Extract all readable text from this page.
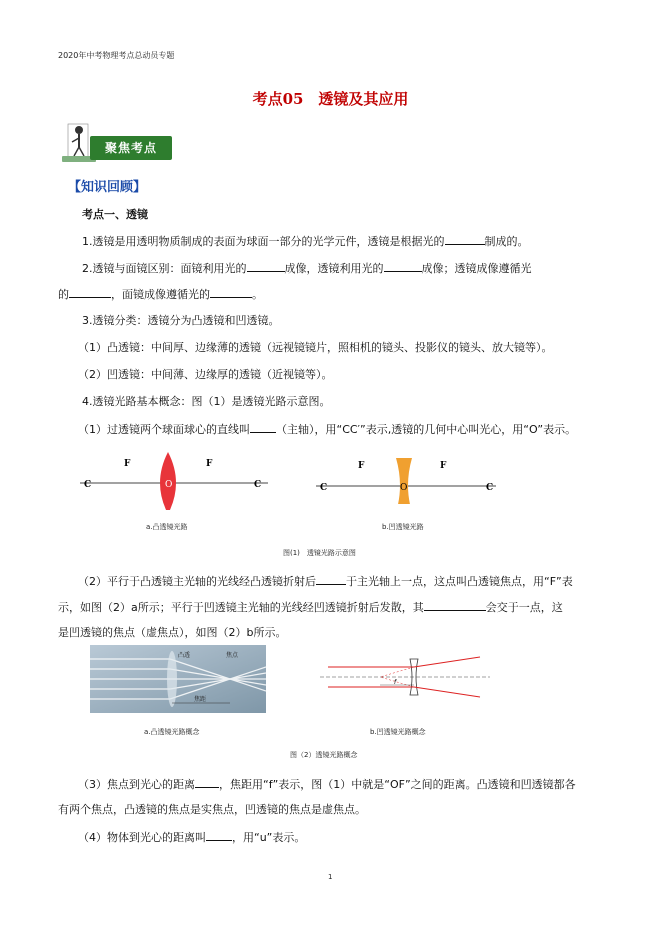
2020年中考物理考点总动员专题
考点05　透镜及其应用
聚焦考点
【知识回顾】
考点一、透镜
1.透镜是用透明物质制成的表面为球面一部分的光学元件，透镜是根据光的	制成的。
2.透镜与面镜区别：面镜利用光的	成像，透镜利用光的	成像；透镜成像遵循光
的	，面镜成像遵循光的	。
3.透镜分类：透镜分为凸透镜和凹透镜。
（1）凸透镜：中间厚、边缘薄的透镜（远视镜镜片，照相机的镜头、投影仪的镜头、放大镜等）。
（2）凹透镜：中间薄、边缘厚的透镜（近视镜等）。
4.透镜光路基本概念：图（1）是透镜光路示意图。
（1）过透镜两个球面球心的直线叫 （主轴），用“CC′”表示,透镜的几何中心叫光心，用“O”表示。
C
F
O
F
C
a.凸透镜光路
C
F
O
F
C
b.凹透镜光路
图(1)　透镜光路示意图
（2）平行于凸透镜主光轴的光线经凸透镜折射后	于主光轴上一点，这点叫凸透镜焦点，用“F”表
示，如图（2）a所示；平行于凹透镜主光轴的光线经凹透镜折射后发散，其	会交于一点，这
是凹透镜的焦点（虚焦点），如图（2）b所示。
凸透	焦点
焦距
a.凸透镜光路概念
f
b.凹透镜光路概念
图（2）透镜光路概念
（3）焦点到光心的距离 ，焦距用“f”表示，图（1）中就是“OF”之间的距离。凸透镜和凹透镜都各
有两个焦点，凸透镜的焦点是实焦点，凹透镜的焦点是虚焦点。
（4）物体到光心的距离叫 ，用“u”表示。
1
